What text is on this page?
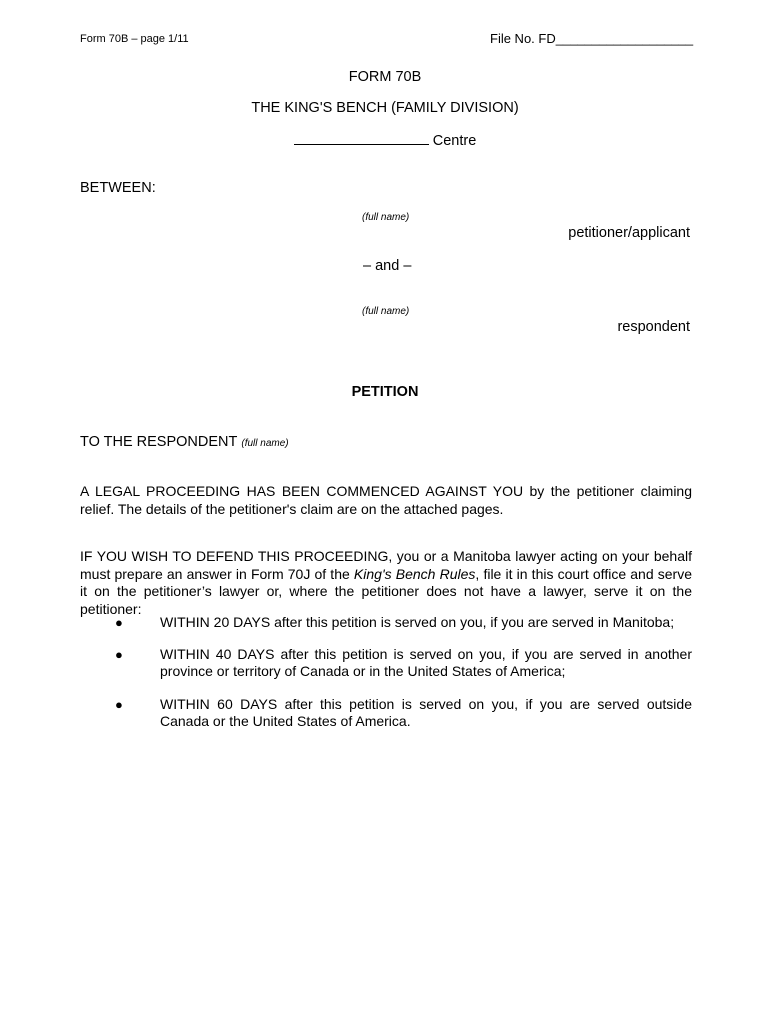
Form 70B – page 1/11	File No. FD___________________
FORM 70B
THE KING'S BENCH (FAMILY DIVISION)
Centre
BETWEEN:
(full name)
petitioner/applicant
– and –
(full name)
respondent
PETITION
TO THE RESPONDENT (full name)
A LEGAL PROCEEDING HAS BEEN COMMENCED AGAINST YOU by the petitioner claiming relief. The details of the petitioner's claim are on the attached pages.
IF YOU WISH TO DEFEND THIS PROCEEDING, you or a Manitoba lawyer acting on your behalf must prepare an answer in Form 70J of the King's Bench Rules, file it in this court office and serve it on the petitioner’s lawyer or, where the petitioner does not have a lawyer, serve it on the petitioner:
●	WITHIN 20 DAYS after this petition is served on you, if you are served in Manitoba;
●	WITHIN 40 DAYS after this petition is served on you, if you are served in another province or territory of Canada or in the United States of America;
●	WITHIN 60 DAYS after this petition is served on you, if you are served outside Canada or the United States of America.
